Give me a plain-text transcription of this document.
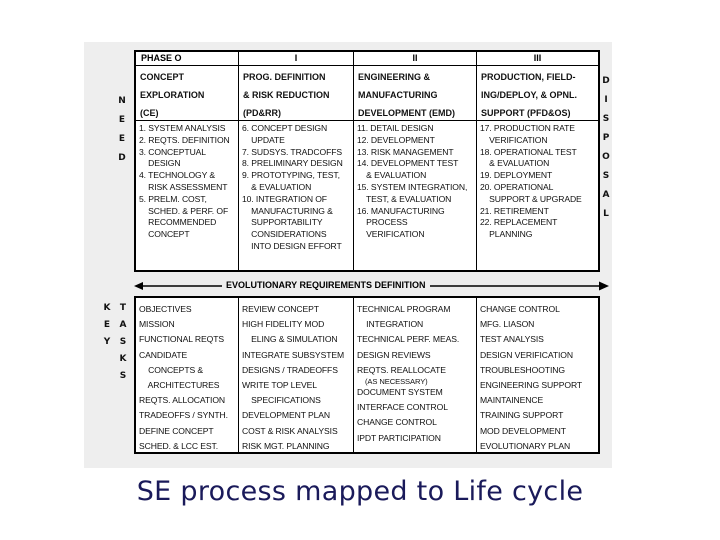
N
E
E
D
D
I
S
P
O
S
A
L
PHASE O
CONCEPT
EXPLORATION
(CE)
1. SYSTEM ANALYSIS
2. REQTS. DEFINITION
3. CONCEPTUAL
DESIGN
4. TECHNOLOGY &
RISK ASSESSMENT
5. PRELM. COST,
SCHED. & PERF. OF
RECOMMENDED
CONCEPT
I
PROG. DEFINITION
& RISK REDUCTION
(PD&RR)
6. CONCEPT DESIGN
UPDATE
7. SUDSYS. TRADCOFFS
8. PRELIMINARY DESIGN
9. PROTOTYPING, TEST,
& EVALUATION
10. INTEGRATION OF
MANUFACTURING &
SUPPORTABILITY
CONSIDERATIONS
INTO DESIGN EFFORT
II
ENGINEERING &
MANUFACTURING
DEVELOPMENT (EMD)
11. DETAIL DESIGN
12. DEVELOPMENT
13. RISK MANAGEMENT
14. DEVELOPMENT TEST
& EVALUATION
15. SYSTEM INTEGRATION,
TEST, & EVALUATION
16. MANUFACTURING
PROCESS
VERIFICATION
III
PRODUCTION, FIELD-
ING/DEPLOY, & OPNL.
SUPPORT (PFD&OS)
17. PRODUCTION RATE
VERIFICATION
18. OPERATIONAL TEST
& EVALUATION
19. DEPLOYMENT
20. OPERATIONAL
SUPPORT & UPGRADE
21. RETIREMENT
22. REPLACEMENT
PLANNING
EVOLUTIONARY REQUIREMENTS DEFINITION
K
E
Y
T
A
S
K
S
OBJECTIVES
MISSION
FUNCTIONAL REQTS
CANDIDATE
CONCEPTS &
ARCHITECTURES
REQTS. ALLOCATION
TRADEOFFS / SYNTH.
DEFINE CONCEPT
SCHED. & LCC EST.
REVIEW CONCEPT
HIGH FIDELITY MOD
ELING & SIMULATION
INTEGRATE SUBSYSTEM
DESIGNS / TRADEOFFS
WRITE TOP LEVEL
SPECIFICATIONS
DEVELOPMENT PLAN
COST & RISK ANALYSIS
RISK MGT. PLANNING
TECHNICAL PROGRAM
INTEGRATION
TECHNICAL PERF. MEAS.
DESIGN REVIEWS
REQTS. REALLOCATE
(AS NECESSARY)
DOCUMENT SYSTEM
INTERFACE CONTROL
CHANGE CONTROL
IPDT PARTICIPATION
CHANGE CONTROL
MFG. LIASON
TEST ANALYSIS
DESIGN VERIFICATION
TROUBLESHOOTING
ENGINEERING SUPPORT
MAINTAINENCE
TRAINING SUPPORT
MOD DEVELOPMENT
EVOLUTIONARY PLAN
SE process mapped to Life cycle
